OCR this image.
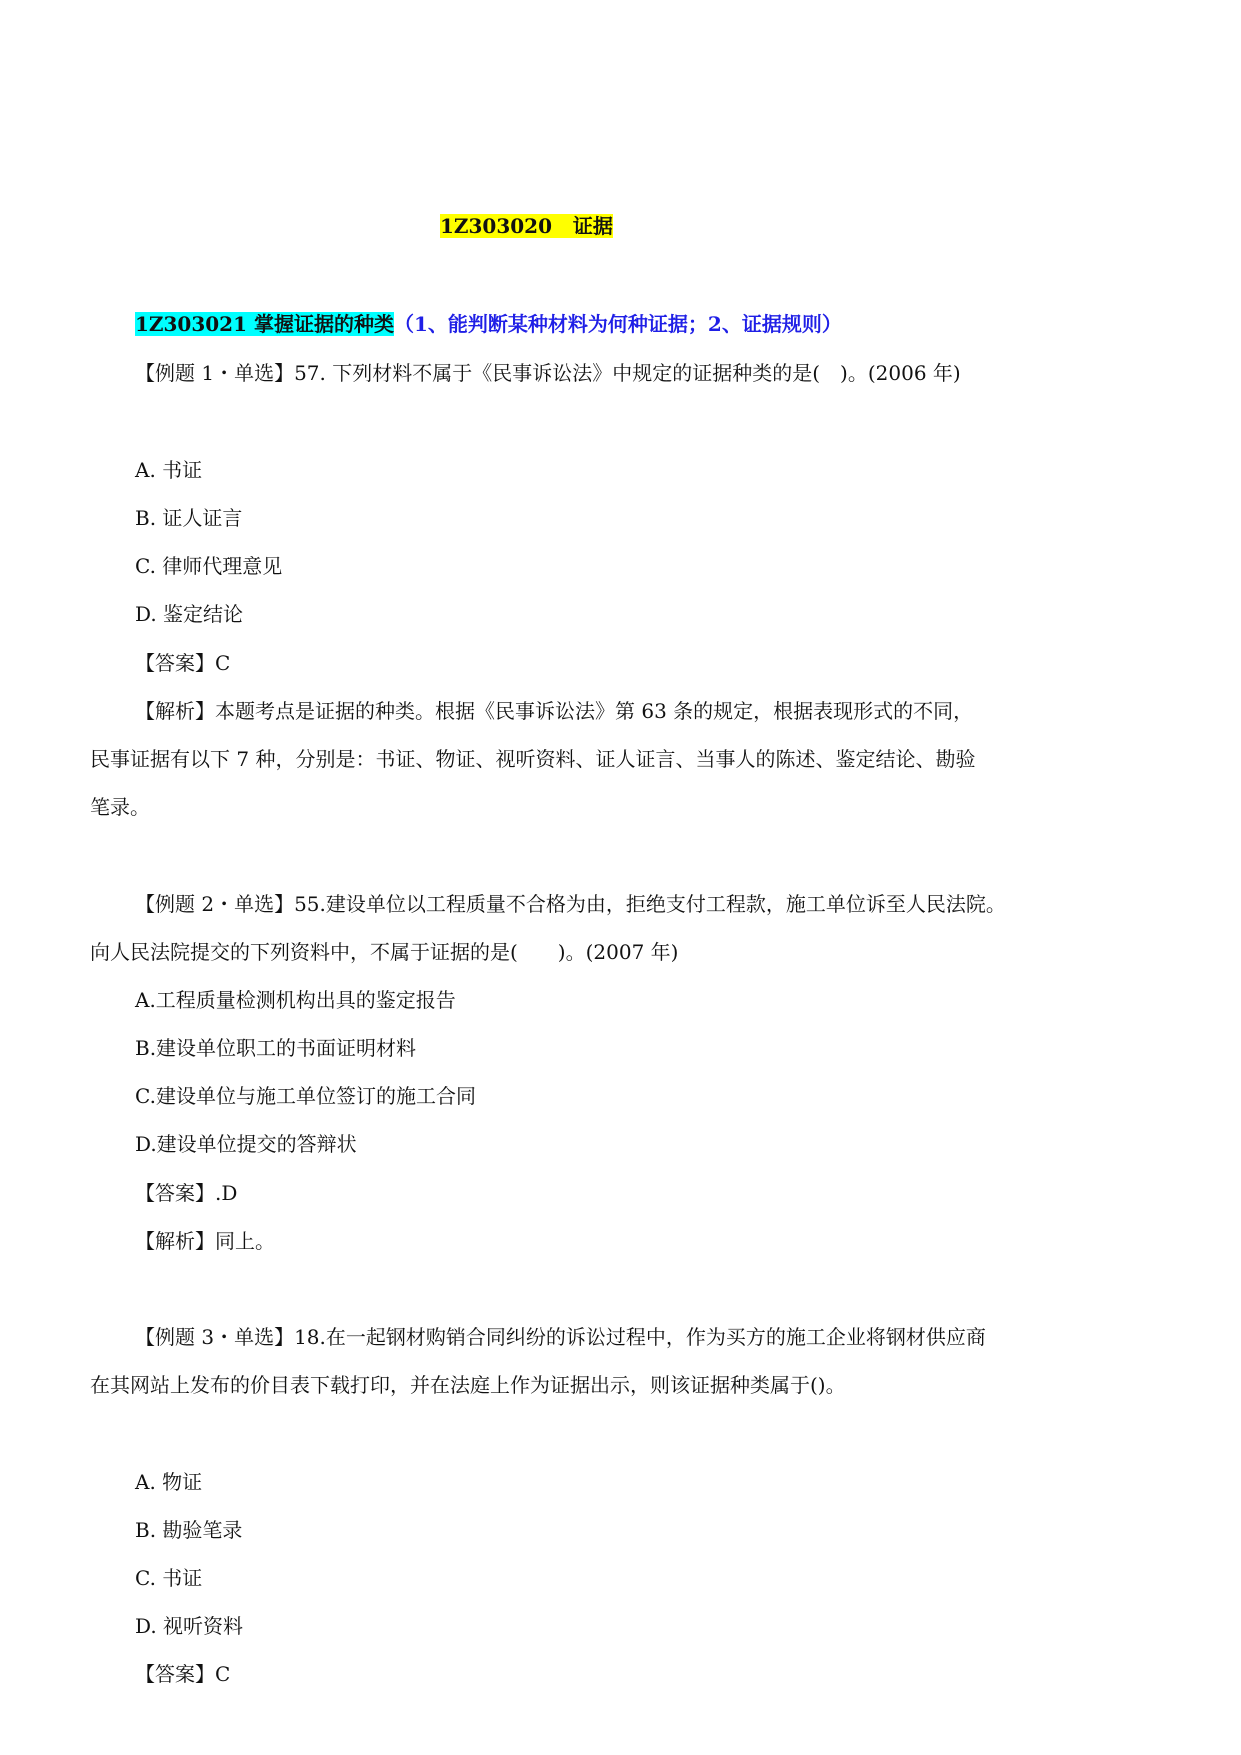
1Z303020 证据
1Z303021 掌握证据的种类（1、能判断某种材料为何种证据；2、证据规则）
【例题 1・单选】57. 下列材料不属于《民事诉讼法》中规定的证据种类的是(　)。(2006 年)
A. 书证
B. 证人证言
C. 律师代理意见
D. 鉴定结论
【答案】C
【解析】本题考点是证据的种类。根据《民事诉讼法》第 63 条的规定，根据表现形式的不同，
民事证据有以下 7 种，分别是：书证、物证、视听资料、证人证言、当事人的陈述、鉴定结论、勘验
笔录。
【例题 2・单选】55.建设单位以工程质量不合格为由，拒绝支付工程款，施工单位诉至人民法院。
向人民法院提交的下列资料中，不属于证据的是(　　)。(2007 年)
A.工程质量检测机构出具的鉴定报告
B.建设单位职工的书面证明材料
C.建设单位与施工单位签订的施工合同
D.建设单位提交的答辩状
【答案】.D
【解析】同上。
【例题 3・单选】18.在一起钢材购销合同纠纷的诉讼过程中，作为买方的施工企业将钢材供应商
在其网站上发布的价目表下载打印，并在法庭上作为证据出示，则该证据种类属于()。
A. 物证
B. 勘验笔录
C. 书证
D. 视听资料
【答案】C
